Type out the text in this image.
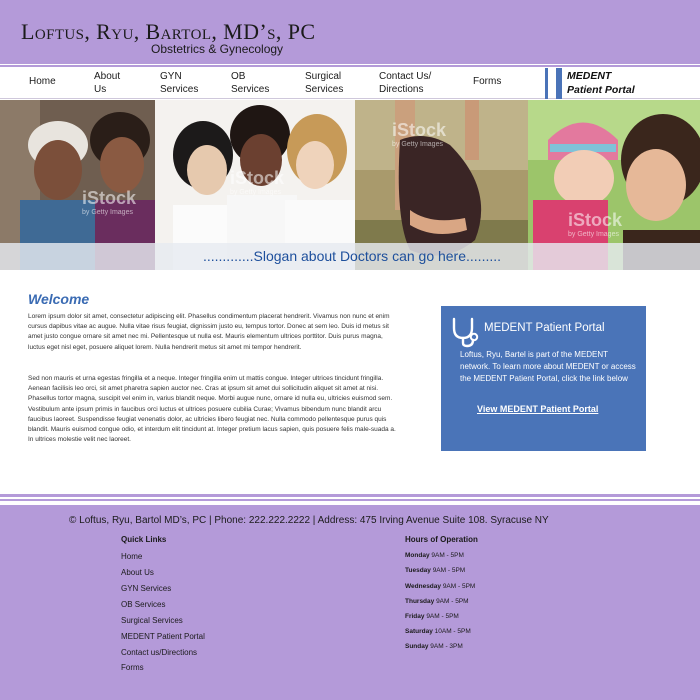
Loftus, Ryu, Bartol, MD’s, PC
Obstetrics & Gynecology
Home	About
Us
GYN
Services
OB
Services
Surgical
Services
Contact Us/
Directions
Forms	MEDENT
Patient Portal
iStock
by Getty Images
iStock
by Getty Images
iStock
by Getty Images
iStock
by Getty Images
.............Slogan about Doctors can go here.........
Welcome
Lorem ipsum dolor sit amet, consectetur adipiscing elit. Phasellus condimentum placerat hendrerit. Vivamus non nunc et enim cursus dapibus vitae ac augue. Nulla vitae risus feugiat, dignissim justo eu, tempus tortor. Donec at sem leo. Duis id metus sit amet justo congue ornare sit amet nec mi. Pellentesque ut nulla est. Mauris elementum ultrices porttitor. Duis purus magna, luctus eget nisl eget, posuere aliquet lorem. Nulla hendrerit metus sit amet mi tempor hendrerit.
Sed non mauris et urna egestas fringilla et a neque. Integer fringilla enim ut mattis congue. Integer ultrices tincidunt fringilla. Aenean facilisis leo orci, sit amet pharetra sapien auctor nec. Cras at ipsum sit amet dui sollicitudin aliquet sit amet at nisi. Phasellus tortor magna, suscipit vel enim in, varius blandit neque. Morbi augue nunc, ornare id nulla eu, ultricies euismod sem. Vestibulum ante ipsum primis in faucibus orci luctus et ultrices posuere cubilia Curae; Vivamus bibendum nunc blandit arcu faucibus laoreet. Suspendisse feugiat venenatis dolor, ac ultricies libero feugiat nec. Nulla commodo pellentesque purus quis blandit. Mauris euismod congue odio, et interdum elit tincidunt at. Integer pretium lacus sapien, quis posuere felis male-suada a. In ultrices molestie velit nec laoreet.
MEDENT Patient Portal
Loftus, Ryu, Bartel is part of the MEDENT network. To learn more about MEDENT or access the MEDENT Patient Portal, click the link below
View MEDENT Patient Portal
© Loftus, Ryu, Bartol MD’s, PC | Phone: 222.222.2222 | Address: 475 Irving Avenue Suite 108. Syracuse NY
Quick Links
Home
About Us
GYN Services
OB Services
Surgical Services
MEDENT Patient Portal
Contact us/Directions
Forms
Hours of Operation
Monday 9AM - 5PM
Tuesday 9AM - 5PM
Wednesday 9AM - 5PM
Thursday 9AM - 5PM
Friday 9AM - 5PM
Saturday 10AM - 5PM
Sunday 9AM - 3PM
